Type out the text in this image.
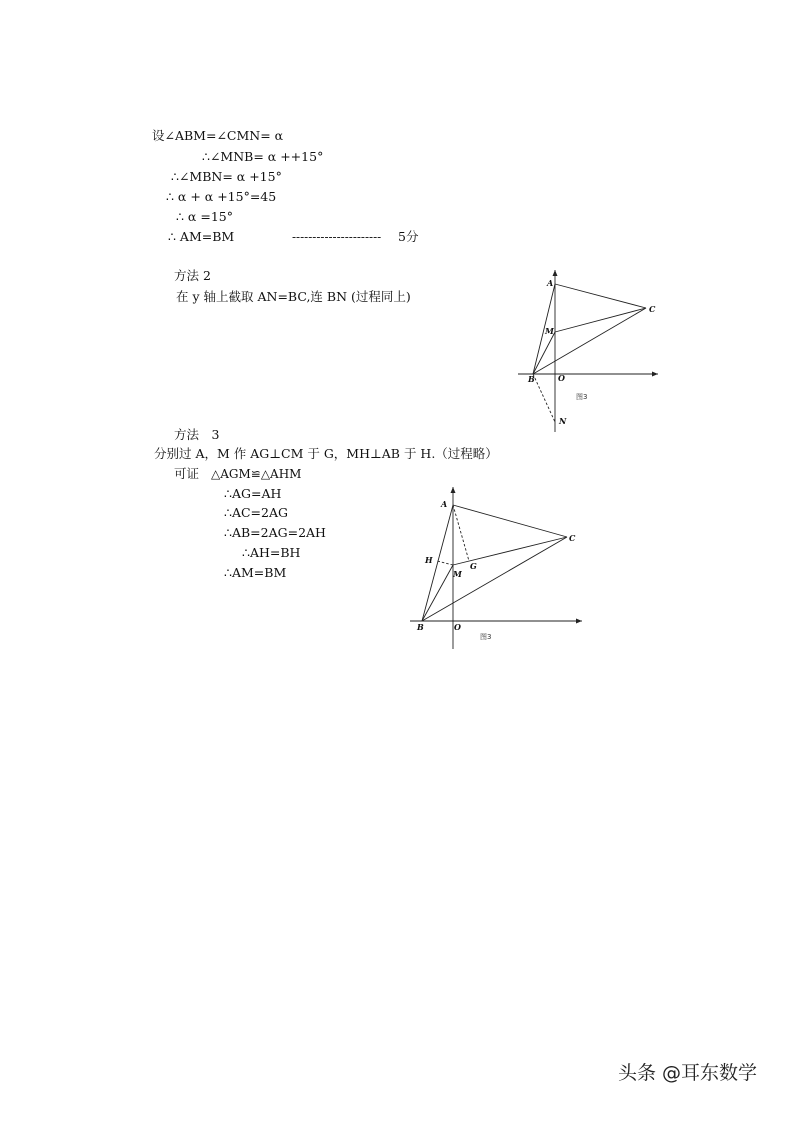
设∠ABM=∠CMN= α
∴∠MNB= α ++15°
∴∠MBN= α +15°
∴ α + α +15°=45
∴ α =15°
∴ AM=BM	---------------------- 5分
方法 2
在 y 轴上截取 AN=BC,连 BN (过程同上)
A
C
M
B	O
N
图3
方法　3
分别过 A，M 作 AG⊥CM 于 G，MH⊥AB 于 H.（过程略）
可证 △AGM≌△AHM
∴AG=AH
∴AC=2AG
∴AB=2AG=2AH
∴AH=BH
∴AM=BM
A
C
H
M
G
B	O
图3
头条 @耳东数学
